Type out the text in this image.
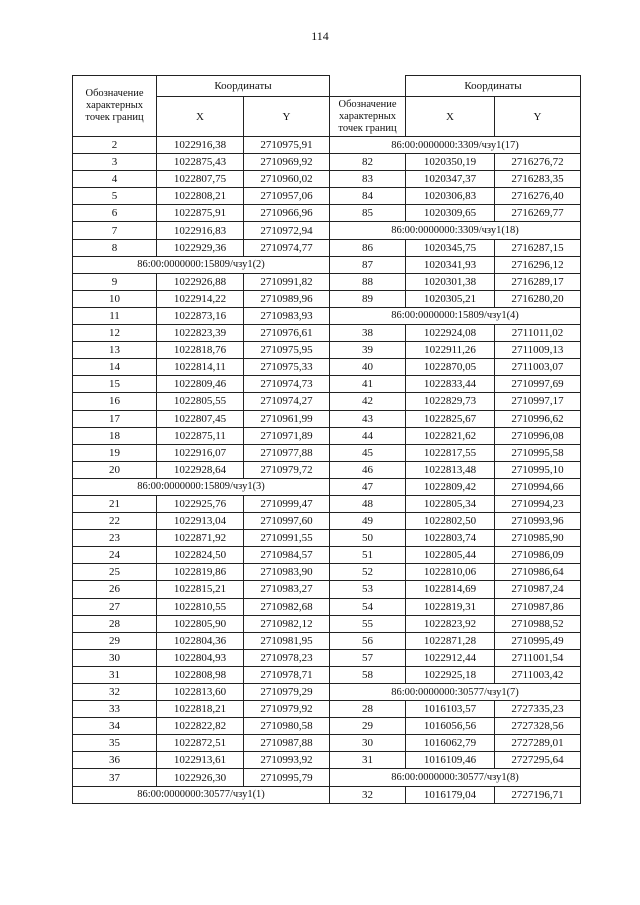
114
Обозначение характерных точек границ	Координаты	
	X	Y
2	1022916,38	2710975,91
3	1022875,43	2710969,92
4	1022807,75	2710960,02
5	1022808,21	2710957,06
6	1022875,91	2710966,96
7	1022916,83	2710972,94
8	1022929,36	2710974,77
86:00:0000000:15809/чзу1(2)		
9	1022926,88	2710991,82
10	1022914,22	2710989,96
11	1022873,16	2710983,93
12	1022823,39	2710976,61
13	1022818,76	2710975,95
14	1022814,11	2710975,33
15	1022809,46	2710974,73
16	1022805,55	2710974,27
17	1022807,45	2710961,99
18	1022875,11	2710971,89
19	1022916,07	2710977,88
20	1022928,64	2710979,72
86:00:0000000:15809/чзу1(3)		
21	1022925,76	2710999,47
22	1022913,04	2710997,60
23	1022871,92	2710991,55
24	1022824,50	2710984,57
25	1022819,86	2710983,90
26	1022815,21	2710983,27
27	1022810,55	2710982,68
28	1022805,90	2710982,12
29	1022804,36	2710981,95
30	1022804,93	2710978,23
31	1022808,98	2710978,71
32	1022813,60	2710979,29
33	1022818,21	2710979,92
34	1022822,82	2710980,58
35	1022872,51	2710987,88
36	1022913,61	2710993,92
37	1022926,30	2710995,79
86:00:0000000:30577/чзу1(1)		
Координаты	
Обозначение характерных точек границ	X	Y
86:00:0000000:3309/чзу1(17)		
82	1020350,19	2716276,72
83	1020347,37	2716283,35
84	1020306,83	2716276,40
85	1020309,65	2716269,77
86:00:0000000:3309/чзу1(18)		
86	1020345,75	2716287,15
87	1020341,93	2716296,12
88	1020301,38	2716289,17
89	1020305,21	2716280,20
86:00:0000000:15809/чзу1(4)		
38	1022924,08	2711011,02
39	1022911,26	2711009,13
40	1022870,05	2711003,07
41	1022833,44	2710997,69
42	1022829,73	2710997,17
43	1022825,67	2710996,62
44	1022821,62	2710996,08
45	1022817,55	2710995,58
46	1022813,48	2710995,10
47	1022809,42	2710994,66
48	1022805,34	2710994,23
49	1022802,50	2710993,96
50	1022803,74	2710985,90
51	1022805,44	2710986,09
52	1022810,06	2710986,64
53	1022814,69	2710987,24
54	1022819,31	2710987,86
55	1022823,92	2710988,52
56	1022871,28	2710995,49
57	1022912,44	2711001,54
58	1022925,18	2711003,42
86:00:0000000:30577/чзу1(7)		
28	1016103,57	2727335,23
29	1016056,56	2727328,56
30	1016062,79	2727289,01
31	1016109,46	2727295,64
86:00:0000000:30577/чзу1(8)		
32	1016179,04	2727196,71
